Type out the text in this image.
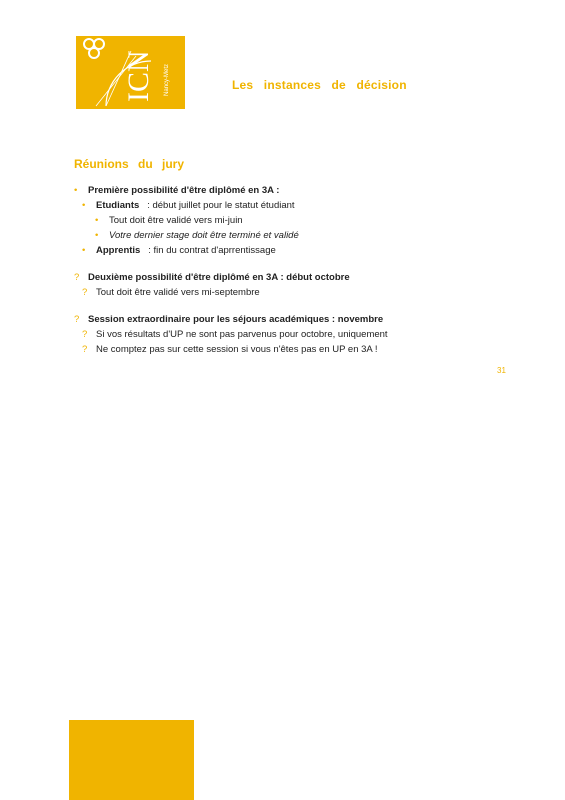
ICN Nancy-Metz	Les instances de décision
Réunions du jury
• Première possibilité d'être diplômé en 3A :
• Etudiants : début juillet pour le statut étudiant
• Tout doit être validé vers mi-juin
• Votre dernier stage doit être terminé et validé
• Apprentis : fin du contrat d'aprrentissage
? Deuxième possibilité d'être diplômé en 3A : début octobre
? Tout doit être validé vers mi-septembre
? Session extraordinaire pour les séjours académiques : novembre
? Si vos résultats d'UP ne sont pas parvenus pour octobre, uniquement
? Ne comptez pas sur cette session si vous n'êtes pas en UP en 3A !
31
